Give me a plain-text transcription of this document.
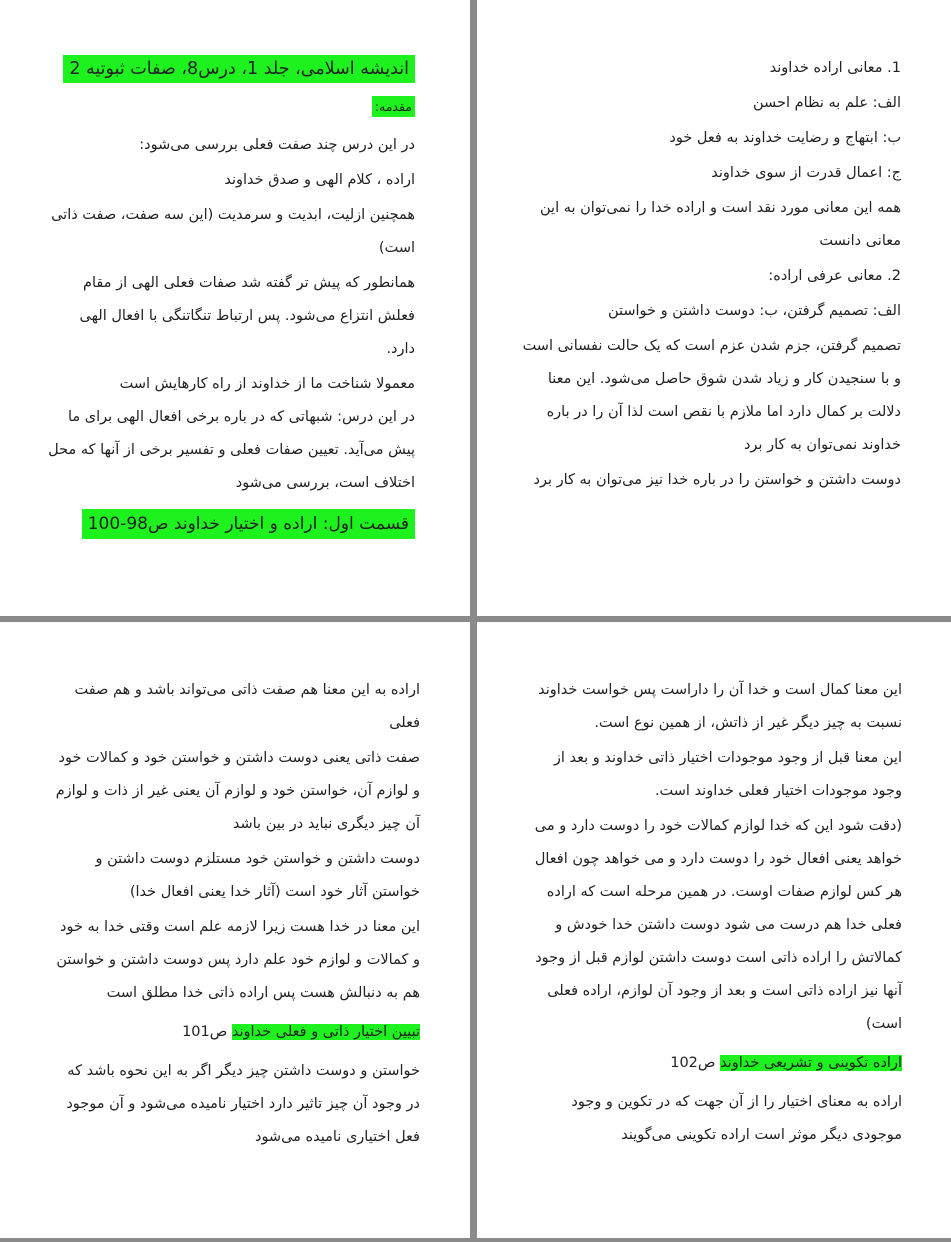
اندیشه اسلامی، جلد 1، درس8، صفات ثبوتیه 2

مقدمه:

در این درس چند صفت فعلی بررسی می‌شود:

اراده ، کلام الهی و صدق خداوند

همچنین ازلیت، ابدیت و سرمدیت (این سه صفت، صفت ذاتی است)

همانطور که پیش تر گفته شد صفات فعلی الهی از مقام فعلش انتزاع می‌شود. پس ارتباط تنگاتنگی با افعال الهی دارد.

معمولا شناخت ما از خداوند از راه کارهایش است

در این درس: شبهاتی که در باره برخی افعال الهی برای ما پیش می‌آید. تعیین صفات فعلی و تفسیر برخی از آنها که محل اختلاف است، بررسی می‌شود

قسمت اول: اراده و اختیار خداوند ص98-100

1. معانی اراده خداوند

الف: علم به نظام احسن

ب: ابتهاج و رضایت خداوند به فعل خود

ج: اعمال قدرت از سوی خداوند

همه این معانی مورد نقد است و اراده خدا را نمی‌توان به این معانی دانست

2. معانی عرفی اراده:

الف: تصمیم گرفتن، ب: دوست داشتن و خواستن

تصمیم گرفتن، جزم شدن عزم است که یک حالت نفسانی است و با سنجیدن کار و زیاد شدن شوق حاصل می‌شود. این معنا دلالت بر کمال دارد اما ملازم با نقص است لذا آن را در باره خداوند نمی‌توان به کار برد

دوست داشتن و خواستن را در باره خدا نیز می‌توان به کار برد

اراده به این معنا هم صفت ذاتی می‌تواند باشد و هم صفت فعلی

صفت ذاتی یعنی دوست داشتن و خواستن خود و کمالات خود و لوازم آن، خواستن خود و لوازم آن یعنی غیر از ذات و لوازم آن چیز دیگری نباید در بین باشد

دوست داشتن و خواستن خود مستلزم دوست داشتن و خواستن آثار خود است (آثار خدا یعنی افعال خدا)

این معنا در خدا هست زیرا لازمه علم است وقتی خدا به خود و کمالات و لوازم خود علم دارد پس دوست داشتن و خواستن هم به دنبالش هست پس اراده ذاتی خدا مطلق است

تبیین اختیار ذاتی و فعلی خداوند ص101

خواستن و دوست داشتن چیز دیگر اگر به این نحوه باشد که در وجود آن چیز تاثیر دارد اختیار نامیده می‌شود و آن موجود فعل اختیاری نامیده می‌شود

این معنا کمال است و خدا آن را داراست پس خواست خداوند نسبت به چیز دیگر غیر از ذاتش، از همین نوع است.

این معنا قبل از وجود موجودات اختیار ذاتی خداوند و بعد از وجود موجودات اختیار فعلی خداوند است.

(دقت شود این که خدا لوازم کمالات خود را دوست دارد و می خواهد یعنی افعال خود را دوست دارد و می خواهد چون افعال هر کس لوازم صفات اوست. در همین مرحله است که اراده فعلی خدا هم درست می شود دوست داشتن خدا خودش و کمالاتش را اراده ذاتی است دوست داشتن لوازم قبل از وجود آنها نیز اراده ذاتی است و بعد از وجود آن لوازم، اراده فعلی است)

اراده تکوینی و تشریعی خداوند ص102

اراده به معنای اختیار را از آن جهت که در تکوین و وجود موجودی دیگر موثر است اراده تکوینی می‌گویند
